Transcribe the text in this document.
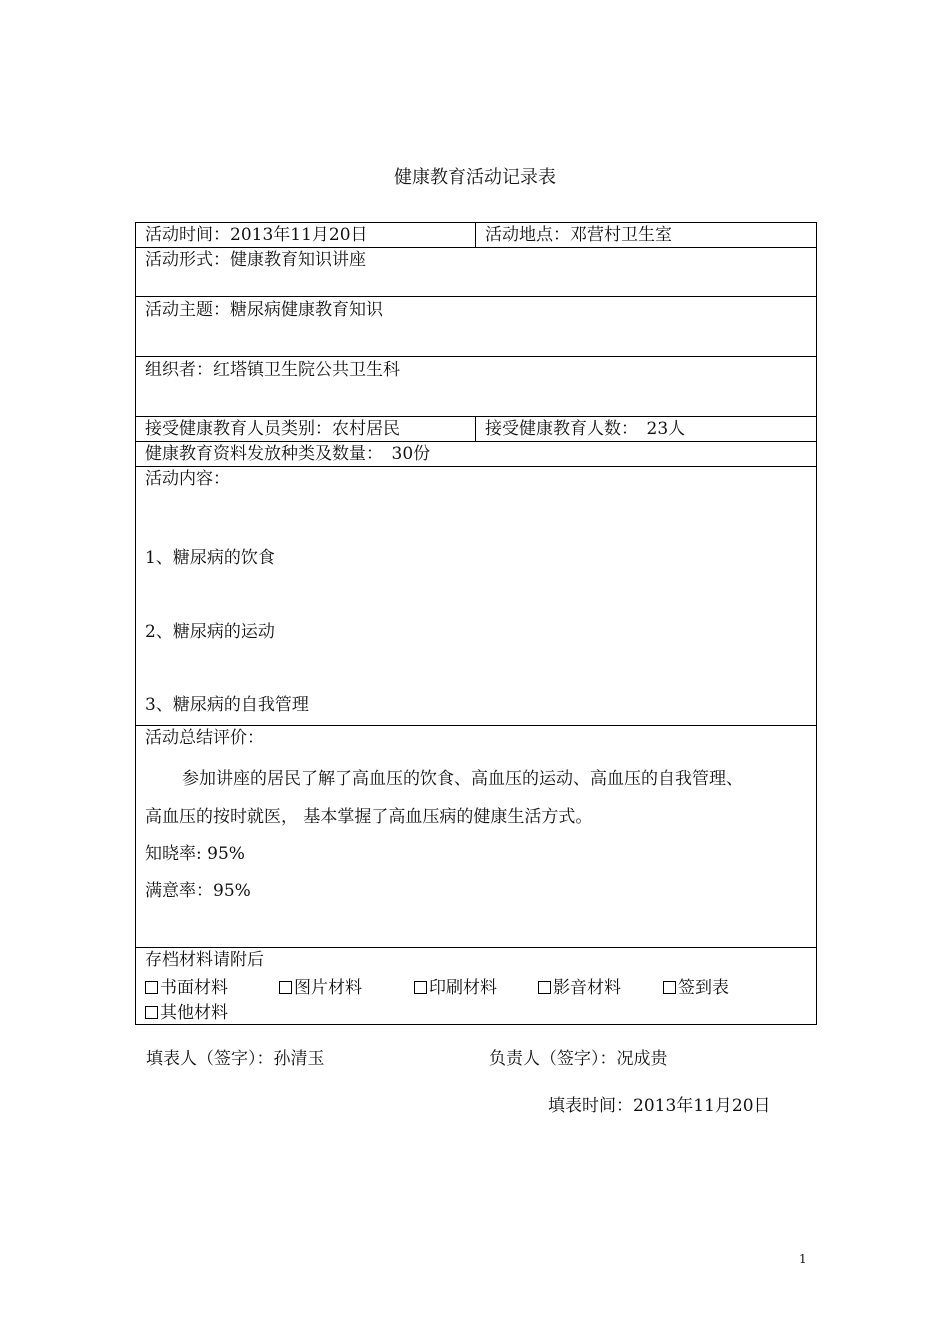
健康教育活动记录表
活动时间：2013年11月20日	活动地点：邓营村卫生室
活动形式：健康教育知识讲座
活动主题：糖尿病健康教育知识
组织者：红塔镇卫生院公共卫生科
接受健康教育人员类别：农村居民	接受健康教育人数：　23人
健康教育资料发放种类及数量：　30份
活动内容：
1、糖尿病的饮食
2、糖尿病的运动
3、糖尿病的自我管理
活动总结评价：
参加讲座的居民了解了高血压的饮食、高血压的运动、高血压的自我管理、
高血压的按时就医， 基本掌握了高血压病的健康生活方式。
知晓率: 95%
满意率：95%
存档材料请附后
书面材料	图片材料	印刷材料	影音材料	签到表
其他材料
填表人（签字）：孙清玉	负责人（签字）：况成贵
填表时间：2013年11月20日
1
